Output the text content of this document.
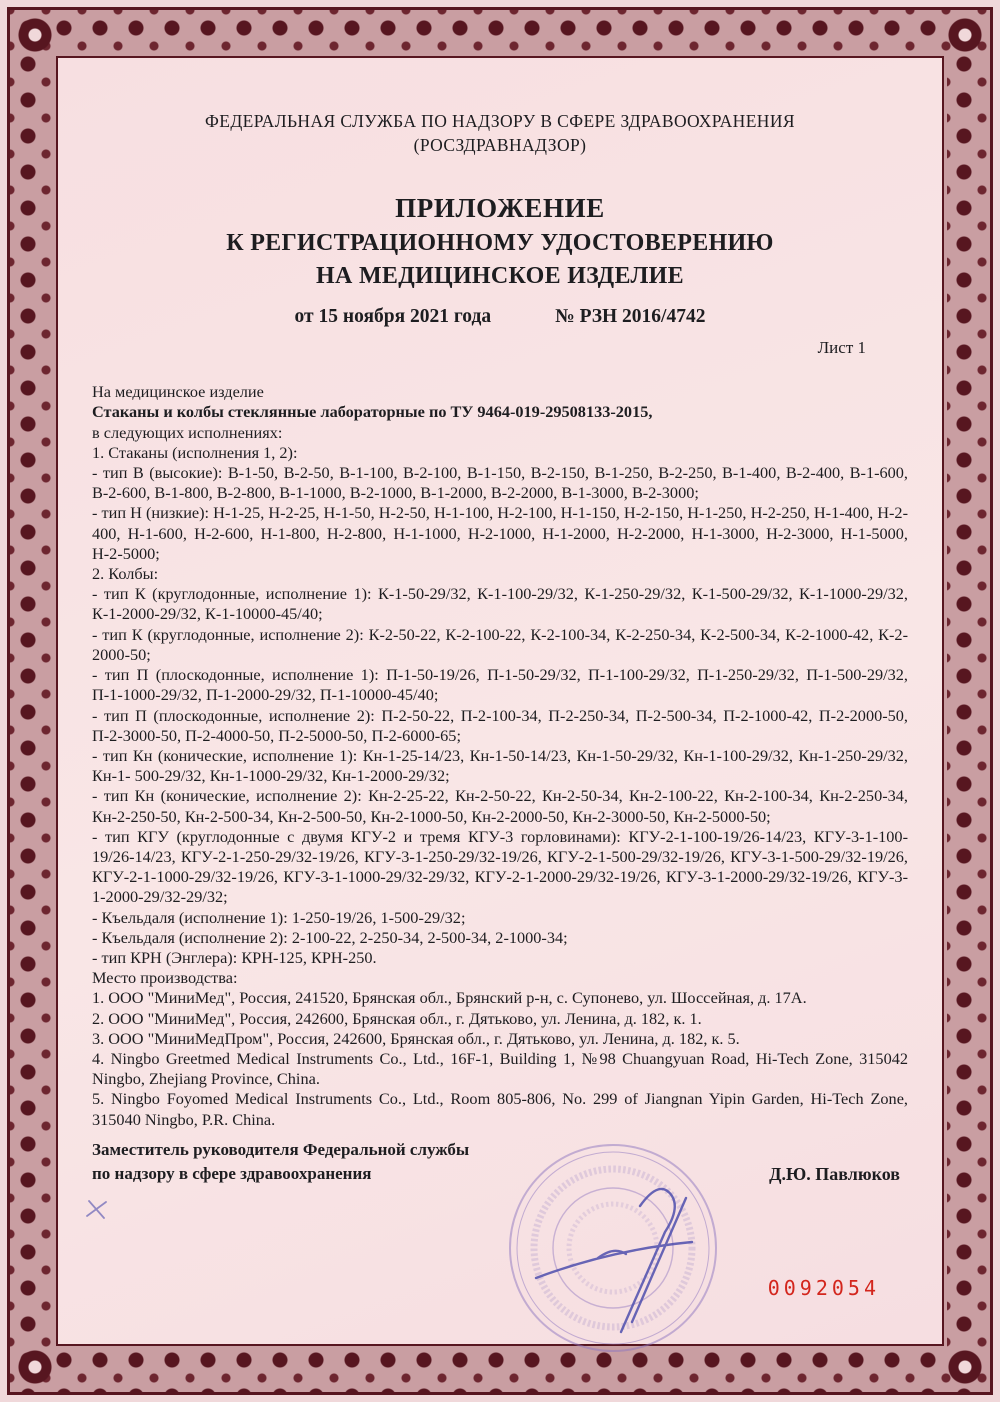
ФЕДЕРАЛЬНАЯ СЛУЖБА ПО НАДЗОРУ В СФЕРЕ ЗДРАВООХРАНЕНИЯ
(РОСЗДРАВНАДЗОР)
ПРИЛОЖЕНИЕ
К РЕГИСТРАЦИОННОМУ УДОСТОВЕРЕНИЮ
НА МЕДИЦИНСКОЕ ИЗДЕЛИЕ
от 15 ноября 2021 года	№ РЗН 2016/4742
Лист 1
На медицинское изделие
Стаканы и колбы стеклянные лабораторные по ТУ 9464-019-29508133-2015,
в следующих исполнениях:
1. Стаканы (исполнения 1, 2):
- тип В (высокие): В-1-50, В-2-50, В-1-100, В-2-100, В-1-150, В-2-150, В-1-250, В-2-250, В-1-400, В-2-400, В-1-600, В-2-600, В-1-800, В-2-800, В-1-1000, В-2-1000, В-1-2000, В-2-2000, В-1-3000, В-2-3000;
- тип Н (низкие): Н-1-25, Н-2-25, Н-1-50, Н-2-50, Н-1-100, Н-2-100, Н-1-150, Н-2-150, Н-1-250, Н-2-250, Н-1-400, Н-2-400, Н-1-600, Н-2-600, Н-1-800, Н-2-800, Н-1-1000, Н-2-1000, Н-1-2000, Н-2-2000, Н-1-3000, Н-2-3000, Н-1-5000, Н-2-5000;
2. Колбы:
- тип К (круглодонные, исполнение 1): К-1-50-29/32, К-1-100-29/32, К-1-250-29/32, К-1-500-29/32, К-1-1000-29/32, К-1-2000-29/32, К-1-10000-45/40;
- тип К (круглодонные, исполнение 2): К-2-50-22, К-2-100-22, К-2-100-34, К-2-250-34, К-2-500-34, К-2-1000-42, К-2-2000-50;
- тип П (плоскодонные, исполнение 1): П-1-50-19/26, П-1-50-29/32, П-1-100-29/32, П-1-250-29/32, П-1-500-29/32, П-1-1000-29/32, П-1-2000-29/32, П-1-10000-45/40;
- тип П (плоскодонные, исполнение 2): П-2-50-22, П-2-100-34, П-2-250-34, П-2-500-34, П-2-1000-42, П-2-2000-50, П-2-3000-50, П-2-4000-50, П-2-5000-50, П-2-6000-65;
- тип Кн (конические, исполнение 1): Кн-1-25-14/23, Кн-1-50-14/23, Кн-1-50-29/32, Кн-1-100-29/32, Кн-1-250-29/32, Кн-1- 500-29/32, Кн-1-1000-29/32, Кн-1-2000-29/32;
- тип Кн (конические, исполнение 2): Кн-2-25-22, Кн-2-50-22, Кн-2-50-34, Кн-2-100-22, Кн-2-100-34, Кн-2-250-34, Кн-2-250-50, Кн-2-500-34, Кн-2-500-50, Кн-2-1000-50, Кн-2-2000-50, Кн-2-3000-50, Кн-2-5000-50;
- тип КГУ (круглодонные с двумя КГУ-2 и тремя КГУ-3 горловинами): КГУ-2-1-100-19/26-14/23, КГУ-3-1-100-19/26-14/23, КГУ-2-1-250-29/32-19/26, КГУ-3-1-250-29/32-19/26, КГУ-2-1-500-29/32-19/26, КГУ-3-1-500-29/32-19/26, КГУ-2-1-1000-29/32-19/26, КГУ-3-1-1000-29/32-29/32, КГУ-2-1-2000-29/32-19/26, КГУ-3-1-2000-29/32-19/26, КГУ-3-1-2000-29/32-29/32;
- Къельдаля (исполнение 1): 1-250-19/26, 1-500-29/32;
- Къельдаля (исполнение 2): 2-100-22, 2-250-34, 2-500-34, 2-1000-34;
- тип КРН (Энглера): КРН-125, КРН-250.
Место производства:
1. ООО "МиниМед", Россия, 241520, Брянская обл., Брянский р-н, с. Супонево, ул. Шоссейная, д. 17А.
2. ООО "МиниМед", Россия, 242600, Брянская обл., г. Дятьково, ул. Ленина, д. 182, к. 1.
3. ООО "МиниМедПром", Россия, 242600, Брянская обл., г. Дятьково, ул. Ленина, д. 182, к. 5.
4. Ningbo Greetmed Medical Instruments Co., Ltd., 16F-1, Building 1, №98 Chuangyuan Road, Hi-Tech Zone, 315042 Ningbo, Zhejiang Province, China.
5. Ningbo Foyomed Medical Instruments Co., Ltd., Room 805-806, No. 299 of Jiangnan Yipin Garden, Hi-Tech Zone, 315040 Ningbo, P.R. China.
Заместитель руководителя Федеральной службы
по надзору в сфере здравоохранения	Д.Ю. Павлюков
0092054
